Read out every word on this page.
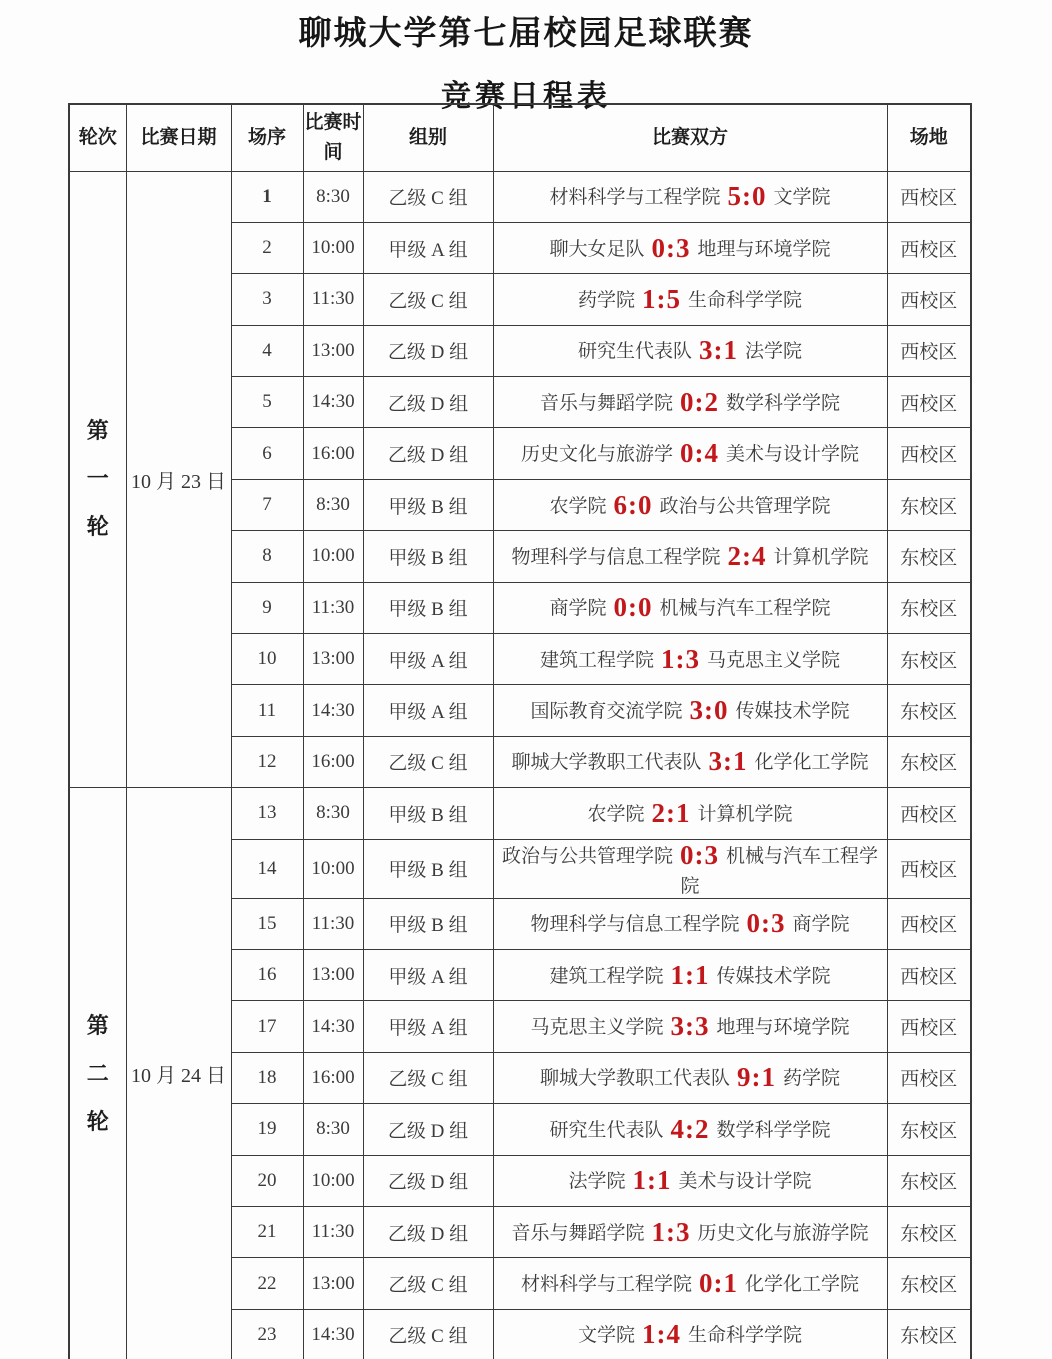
聊城大学第七届校园足球联赛
竞赛日程表
轮次	比赛日期	场序	比赛时间	组别	比赛双方	场地

第
一
轮	10 月 23 日	1	8:30	乙级 C 组	材料科学与工程学院 5:0 文学院	西校区
		2	10:00	甲级 A 组	聊大女足队 0:3 地理与环境学院	西校区
		3	11:30	乙级 C 组	药学院 1:5 生命科学学院	西校区
		4	13:00	乙级 D 组	研究生代表队 3:1 法学院	西校区
		5	14:30	乙级 D 组	音乐与舞蹈学院 0:2 数学科学学院	西校区
		6	16:00	乙级 D 组	历史文化与旅游学 0:4 美术与设计学院	西校区
		7	8:30	甲级 B 组	农学院 6:0 政治与公共管理学院	东校区
		8	10:00	甲级 B 组	物理科学与信息工程学院 2:4 计算机学院	东校区
		9	11:30	甲级 B 组	商学院 0:0 机械与汽车工程学院	东校区
		10	13:00	甲级 A 组	建筑工程学院 1:3 马克思主义学院	东校区
		11	14:30	甲级 A 组	国际教育交流学院 3:0 传媒技术学院	东校区
		12	16:00	乙级 C 组	聊城大学教职工代表队 3:1 化学化工学院	东校区

第
二
轮	10 月 24 日	13	8:30	甲级 B 组	农学院 2:1 计算机学院	西校区
		14	10:00	甲级 B 组	政治与公共管理学院 0:3 机械与汽车工程学院	西校区
		15	11:30	甲级 B 组	物理科学与信息工程学院 0:3 商学院	西校区
		16	13:00	甲级 A 组	建筑工程学院 1:1 传媒技术学院	西校区
		17	14:30	甲级 A 组	马克思主义学院 3:3 地理与环境学院	西校区
		18	16:00	乙级 C 组	聊城大学教职工代表队 9:1 药学院	西校区
		19	8:30	乙级 D 组	研究生代表队 4:2 数学科学学院	东校区
		20	10:00	乙级 D 组	法学院 1:1 美术与设计学院	东校区
		21	11:30	乙级 D 组	音乐与舞蹈学院 1:3 历史文化与旅游学院	东校区
		22	13:00	乙级 C 组	材料科学与工程学院 0:1 化学化工学院	东校区
		23	14:30	乙级 C 组	文学院 1:4 生命科学学院	东校区
